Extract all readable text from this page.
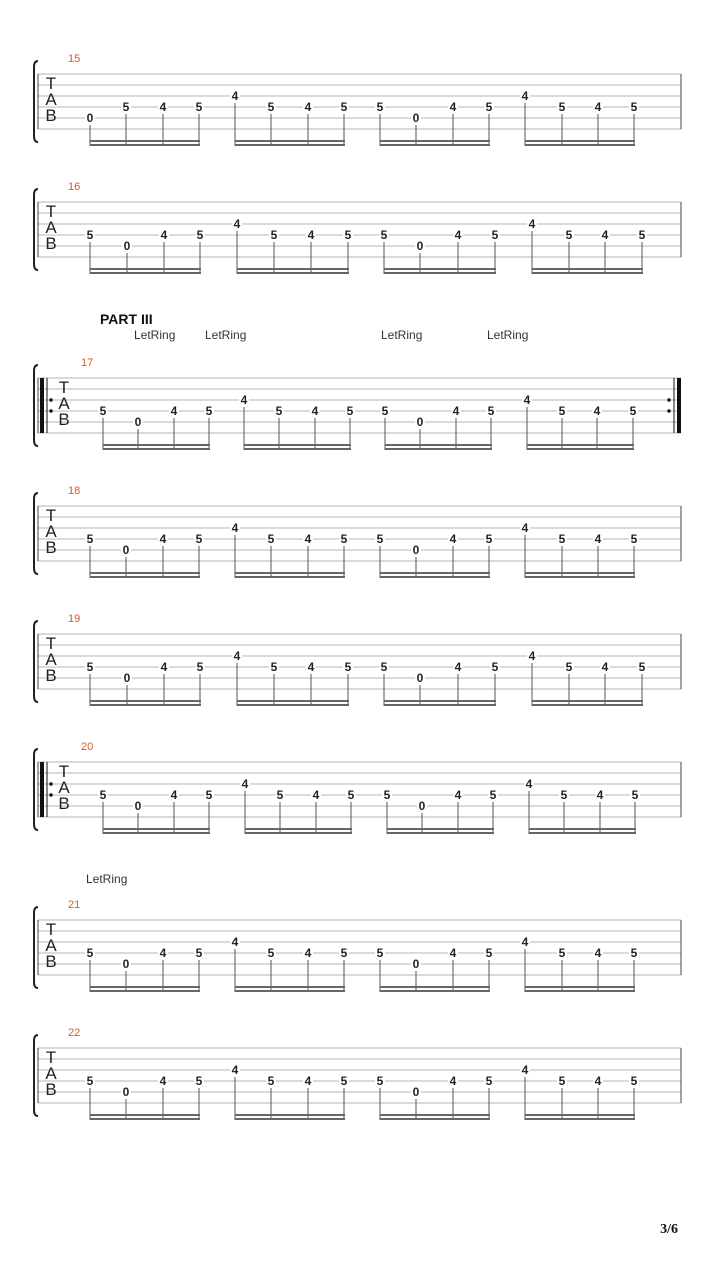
T
A
B 0
5	4 5
4
5	4 5 5
0
4 5
4
5 4 5
T
A
B 5
0
4 5
4
5	4	5 5
0
4	5
4
5 4	5
T
A
B 5
0
4 5
4
5 4 5 5
0
4 5
4
5 4 5
T
A
B 5
0
4 5
4
5	4 5 5
0
4 5
4
5 4 5
T
A
B 5
0
4 5
4
5	4	5 5
0
4	5
4
5 4	5
T
A
B 5
0
4 5
4
5 4 5 5
0
4 5
4
5 4 5
T
A
B 5
0
4 5
4
5	4 5 5
0
4 5
4
5 4 5
T
A
B 5
0
4 5
4
5	4 5 5
0
4 5
4
5 4 5
PART III
LetRing LetRing	LetRing	LetRing
LetRing
3/6
15
16
17
18
19
20
21
22
